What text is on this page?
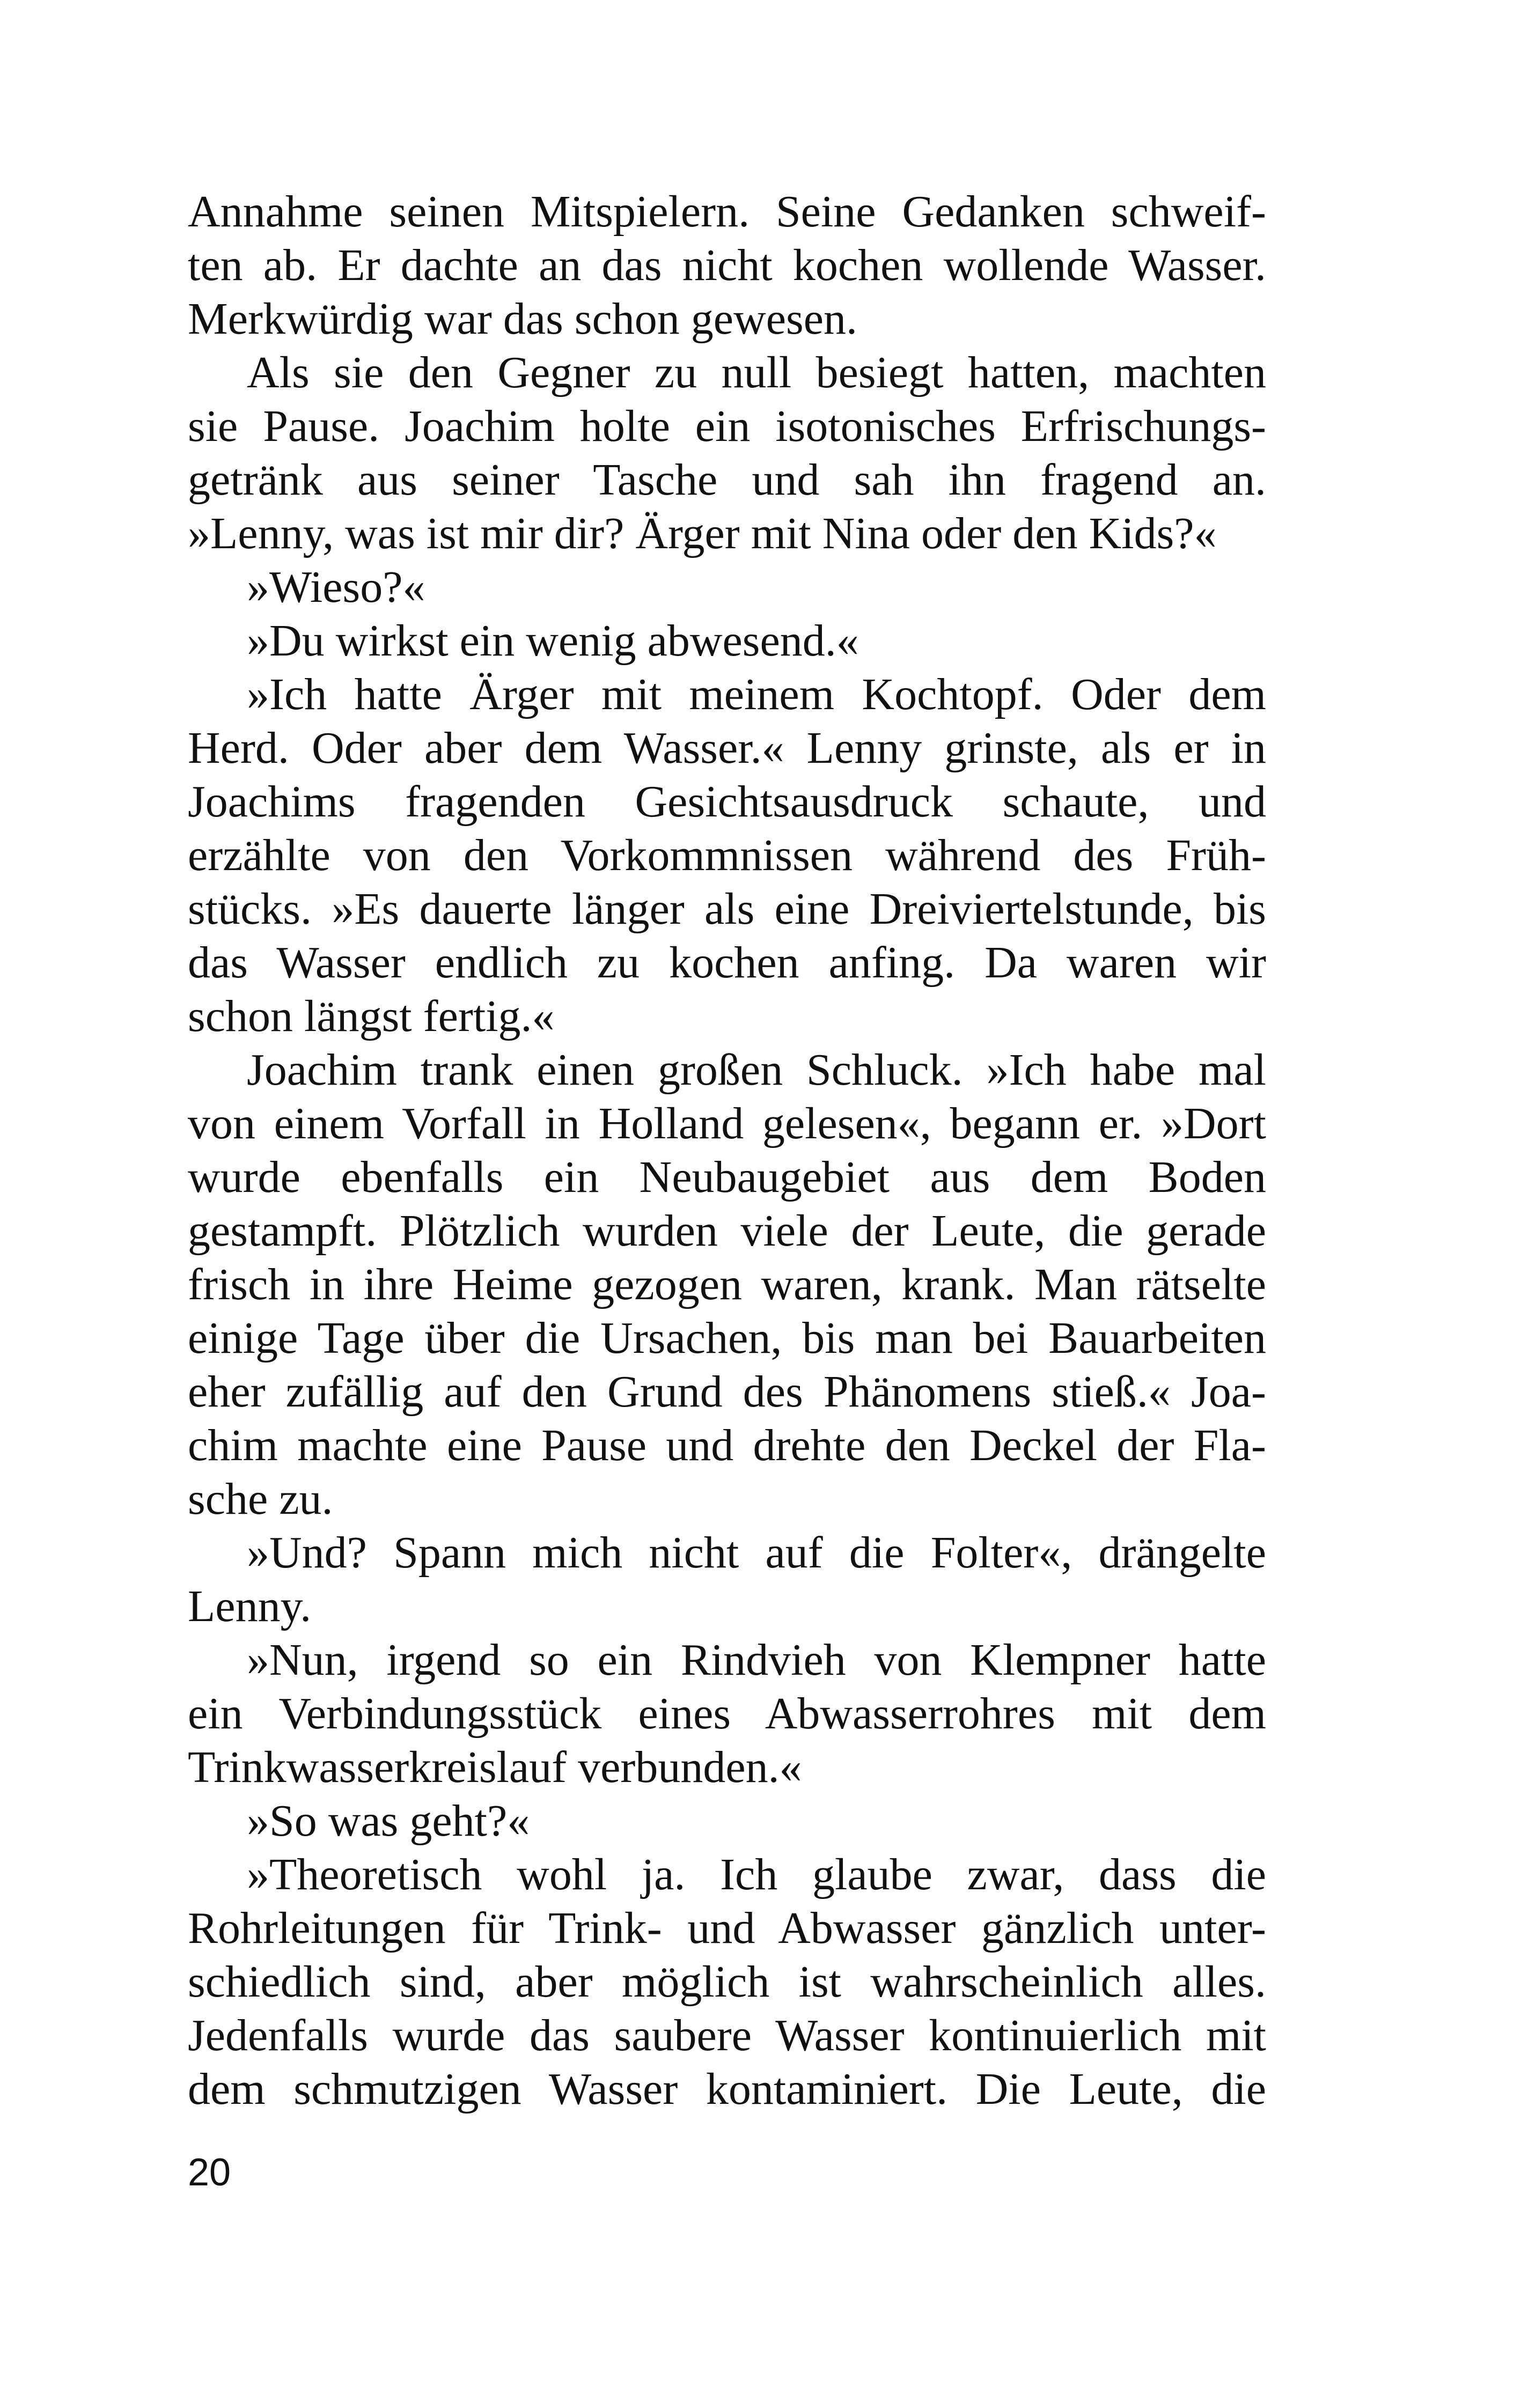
Annahme seinen Mitspielern. Seine Gedanken schweif-
ten ab. Er dachte an das nicht kochen wollende Wasser.
Merkwürdig war das schon gewesen.
Als sie den Gegner zu null besiegt hatten, machten
sie Pause. Joachim holte ein isotonisches Erfrischungs-
getränk aus seiner Tasche und sah ihn fragend an.
»Lenny, was ist mir dir? Ärger mit Nina oder den Kids?«
»Wieso?«
»Du wirkst ein wenig abwesend.«
»Ich hatte Ärger mit meinem Kochtopf. Oder dem
Herd. Oder aber dem Wasser.« Lenny grinste, als er in
Joachims fragenden Gesichtsausdruck schaute, und
erzählte von den Vorkommnissen während des Früh-
stücks. »Es dauerte länger als eine Dreiviertelstunde, bis
das Wasser endlich zu kochen anfing. Da waren wir
schon längst fertig.«
Joachim trank einen großen Schluck. »Ich habe mal
von einem Vorfall in Holland gelesen«, begann er. »Dort
wurde ebenfalls ein Neubaugebiet aus dem Boden
gestampft. Plötzlich wurden viele der Leute, die gerade
frisch in ihre Heime gezogen waren, krank. Man rätselte
einige Tage über die Ursachen, bis man bei Bauarbeiten
eher zufällig auf den Grund des Phänomens stieß.« Joa-
chim machte eine Pause und drehte den Deckel der Fla-
sche zu.
»Und? Spann mich nicht auf die Folter«, drängelte
Lenny.
»Nun, irgend so ein Rindvieh von Klempner hatte
ein Verbindungsstück eines Abwasserrohres mit dem
Trinkwasserkreislauf verbunden.«
»So was geht?«
»Theoretisch wohl ja. Ich glaube zwar, dass die
Rohrleitungen für Trink- und Abwasser gänzlich unter-
schiedlich sind, aber möglich ist wahrscheinlich alles.
Jedenfalls wurde das saubere Wasser kontinuierlich mit
dem schmutzigen Wasser kontaminiert. Die Leute, die
20
